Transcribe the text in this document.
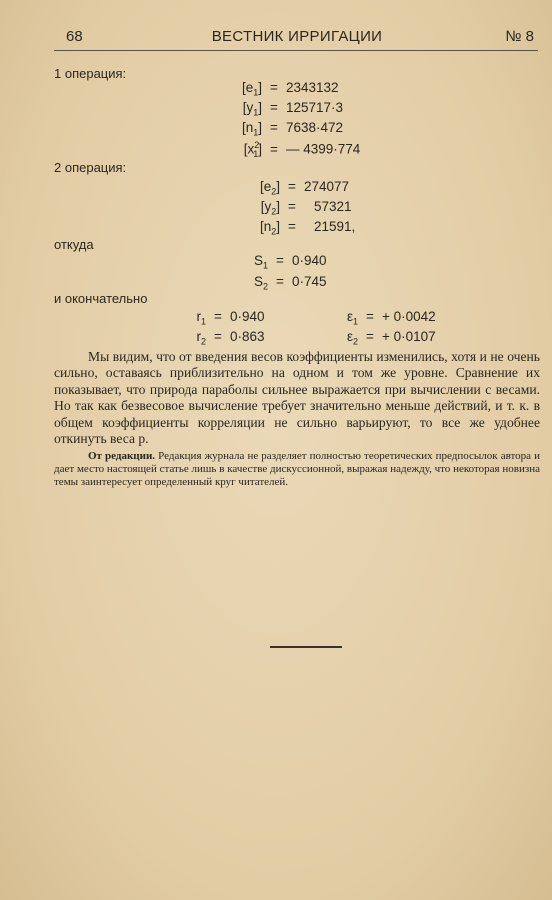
68	ВЕСТНИК ИРРИГАЦИИ	№ 8
1 операция:
$[e_1] = 2343132$
$[y_1] = 125717\cdot 3$
$[n_1] = 7638\cdot 472$
$[x^2_1]$ = — 4399·774
2 операция:
$[e_2] = 274077$
$[y_2] = 57321$
$[n_2] = 21591$,
откуда
$S_1 = 0\cdot 940$
$S_2 = 0\cdot 745$
и окончательно
$r_1 = 0\cdot 940$
$r_2 = 0\cdot 863$
$\varepsilon_1$ = + 0·0042
$\varepsilon_2$ = + 0·0107

Мы видим, что от введения весов коэффициенты изменились, хотя и не очень сильно, оставаясь приблизительно на одном и том же уровне. Сравнение их показывает, что природа параболы сильнее выражается при вычислении с весами. Но так как безвесовое вычисление требует значительно меньше действий, и т. к. в общем коэффициенты корреляции не сильно варьируют, то все же удобнее откинуть веса р.

От редакции. Редакция журнала не разделяет полностью теоретических предпосылок автора и дает место настоящей статье лишь в качестве дискуссионной, выражая надежду, что некоторая новизна темы заинтересует определенный круг читателей.
